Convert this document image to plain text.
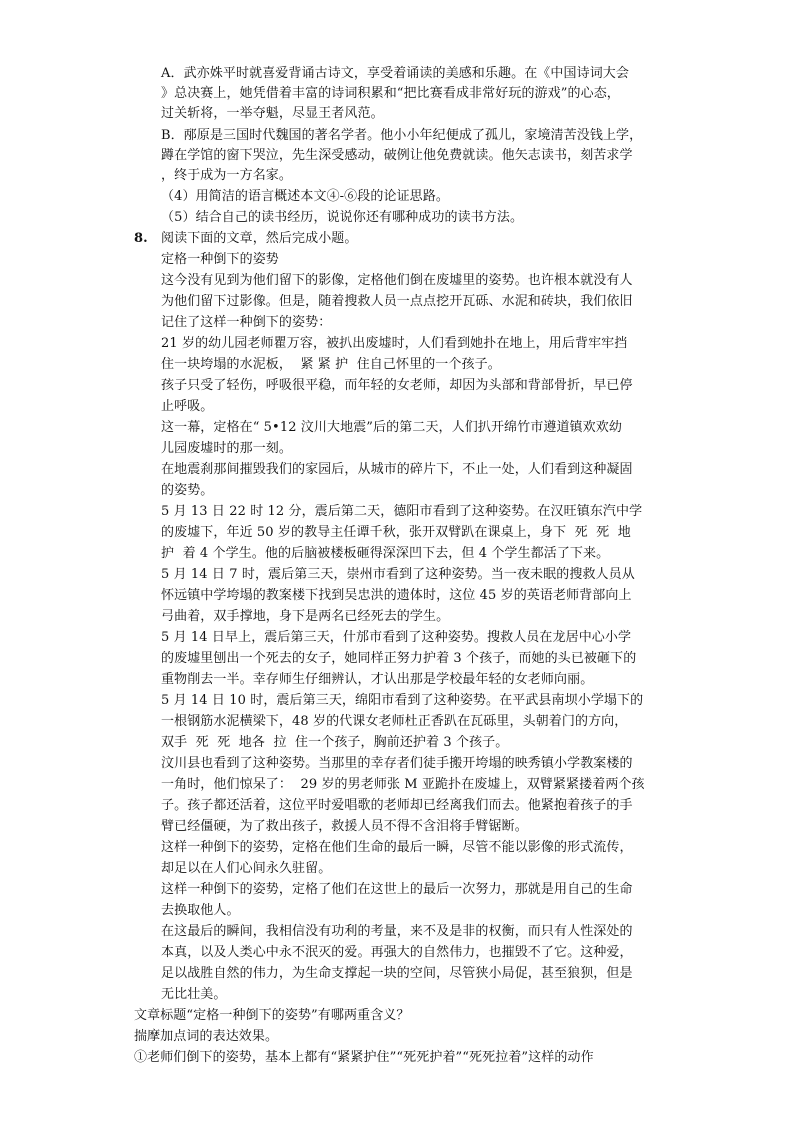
A．武亦姝平时就喜爱背诵古诗文，享受着诵读的美感和乐趣。在《中国诗词大会
》总决赛上，她凭借着丰富的诗词积累和“把比赛看成非常好玩的游戏”的心态，
过关斩将，一举夺魁，尽显王者风范。
B．邴原是三国时代魏国的著名学者。他小小年纪便成了孤儿，家境清苦没钱上学，
蹲在学馆的窗下哭泣，先生深受感动，破例让他免费就读。他矢志读书，刻苦求学
，终于成为一方名家。
（4）用简洁的语言概述本文④-⑥段的论证思路。
（5）结合自己的读书经历，说说你还有哪种成功的读书方法。
8. 阅读下面的文章，然后完成小题。
定格一种倒下的姿势
这今没有见到为他们留下的影像，定格他们倒在废墟里的姿势。也许根本就没有人
为他们留下过影像。但是，随着搜救人员一点点挖开瓦砾、水泥和砖块，我们依旧
记住了这样一种倒下的姿势：
21 岁的幼儿园老师瞿万容，被扒出废墟时，人们看到她扑在地上，用后背牢牢挡
住一块垮塌的水泥板，  紧 紧 护  住自己怀里的一个孩子。
孩子只受了轻伤，呼吸很平稳，而年轻的女老师，却因为头部和背部骨折，早已停
止呼吸。
这一幕，定格在“ 5•12 汶川大地震”后的第二天，人们扒开绵竹市遵道镇欢欢幼
儿园废墟时的那一刻。
在地震刹那间摧毁我们的家园后，从城市的碎片下，不止一处，人们看到这种凝固
的姿势。
5 月 13 日 22 时 12 分，震后第二天，德阳市看到了这种姿势。在汉旺镇东汽中学
的废墟下，年近 50 岁的教导主任谭千秋，张开双臂趴在课桌上，身下  死  死  地
护  着 4 个学生。他的后脑被楼板砸得深深凹下去，但 4 个学生都活了下来。
5 月 14 日 7 时，震后第三天，崇州市看到了这种姿势。当一夜未眠的搜救人员从
怀远镇中学垮塌的教案楼下找到吴忠洪的遗体时，这位 45 岁的英语老师背部向上
弓曲着，双手撑地，身下是两名已经死去的学生。
5 月 14 日早上，震后第三天，什邡市看到了这种姿势。搜救人员在龙居中心小学
的废墟里刨出一个死去的女子，她同样正努力护着 3 个孩子，而她的头已被砸下的
重物削去一半。幸存师生仔细辨认，才认出那是学校最年轻的女老师向丽。
5 月 14 日 10 时，震后第三天，绵阳市看到了这种姿势。在平武县南坝小学塌下的
一根钢筋水泥横梁下，48 岁的代课女老师杜正香趴在瓦砾里，头朝着门的方向，
双手  死  死  地各  拉  住一个孩子，胸前还护着 3 个孩子。
汶川县也看到了这种姿势。当那里的幸存者们徒手搬开垮塌的映秀镇小学教案楼的
一角时，他们惊呆了：  29 岁的男老师张 M 亚跪扑在废墟上，双臂紧紧搂着两个孩
子。孩子都还活着，这位平时爱唱歌的老师却已经离我们而去。他紧抱着孩子的手
臂已经僵硬，为了救出孩子，救援人员不得不含泪将手臂锯断。
这样一种倒下的姿势，定格在他们生命的最后一瞬，尽管不能以影像的形式流传，
却足以在人们心间永久驻留。
这样一种倒下的姿势，定格了他们在这世上的最后一次努力，那就是用自己的生命
去换取他人。
在这最后的瞬间，我相信没有功利的考量，来不及是非的权衡，而只有人性深处的
本真，以及人类心中永不泯灭的爱。再强大的自然伟力，也摧毁不了它。这种爱，
足以战胜自然的伟力，为生命支撑起一块的空间，尽管狭小局促，甚至狼狈，但是
无比壮美。
文章标题“定格一种倒下的姿势”有哪两重含义？
揣摩加点词的表达效果。
①老师们倒下的姿势，基本上都有“紧紧护住”“死死护着”“死死拉着”这样的动作
